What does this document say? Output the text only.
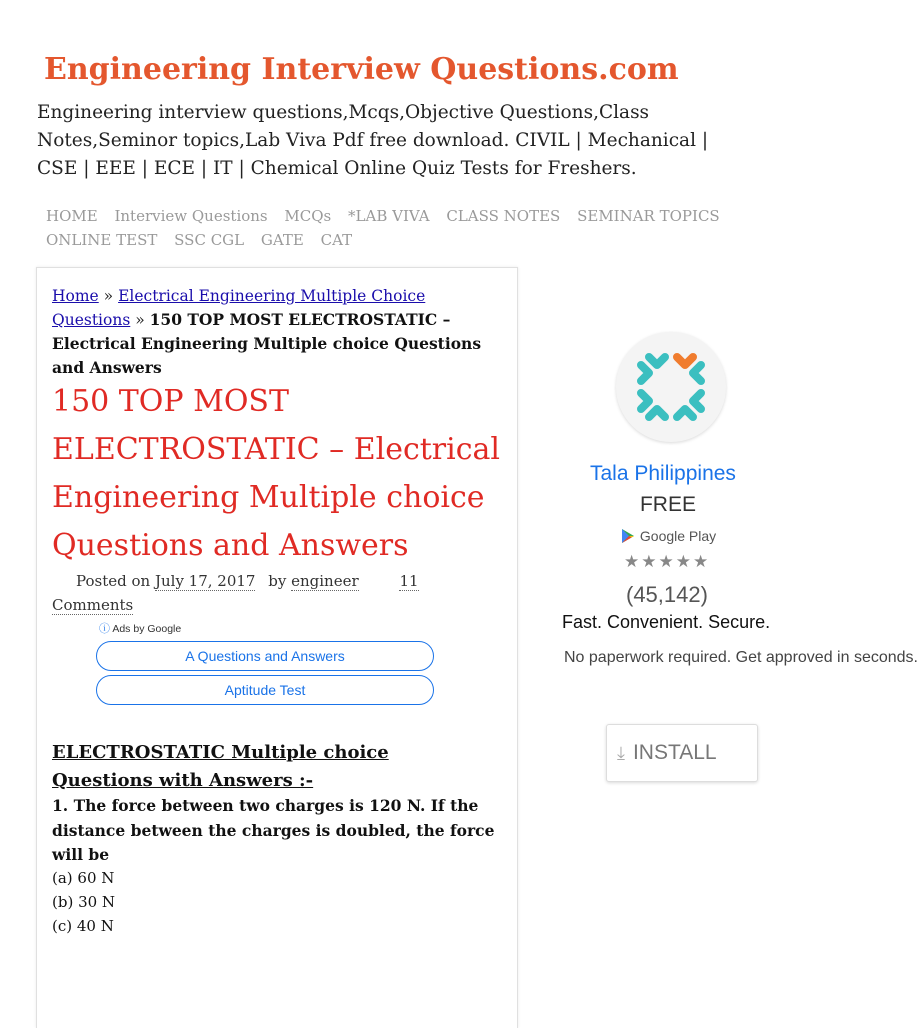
Engineering Interview Questions.com
Engineering interview questions,Mcqs,Objective Questions,Class Notes,Seminor topics,Lab Viva Pdf free download. CIVIL | Mechanical | CSE | EEE | ECE | IT | Chemical Online Quiz Tests for Freshers.
HOME Interview Questions MCQs *LAB VIVA CLASS NOTES SEMINAR TOPICS
ONLINE TEST SSC CGL GATE CAT
Home » Electrical Engineering Multiple Choice Questions » 150 TOP MOST ELECTROSTATIC – Electrical Engineering Multiple choice Questions and Answers
150 TOP MOST ELECTROSTATIC – Electrical Engineering Multiple choice Questions and Answers
Posted on July 17, 2017 by engineer	11 Comments
ⓘ Ads by Google
A Questions and Answers
Aptitude Test
ELECTROSTATIC Multiple choice Questions with Answers :-
1. The force between two charges is 120 N. If the distance between the charges is doubled, the force will be
(a) 60 N
(b) 30 N
(c) 40 N
Tala Philippines
FREE
Google Play
★★★★★
(45,142)
Fast. Convenient. Secure.
No paperwork required. Get approved in seconds.
⤓ INSTALL
